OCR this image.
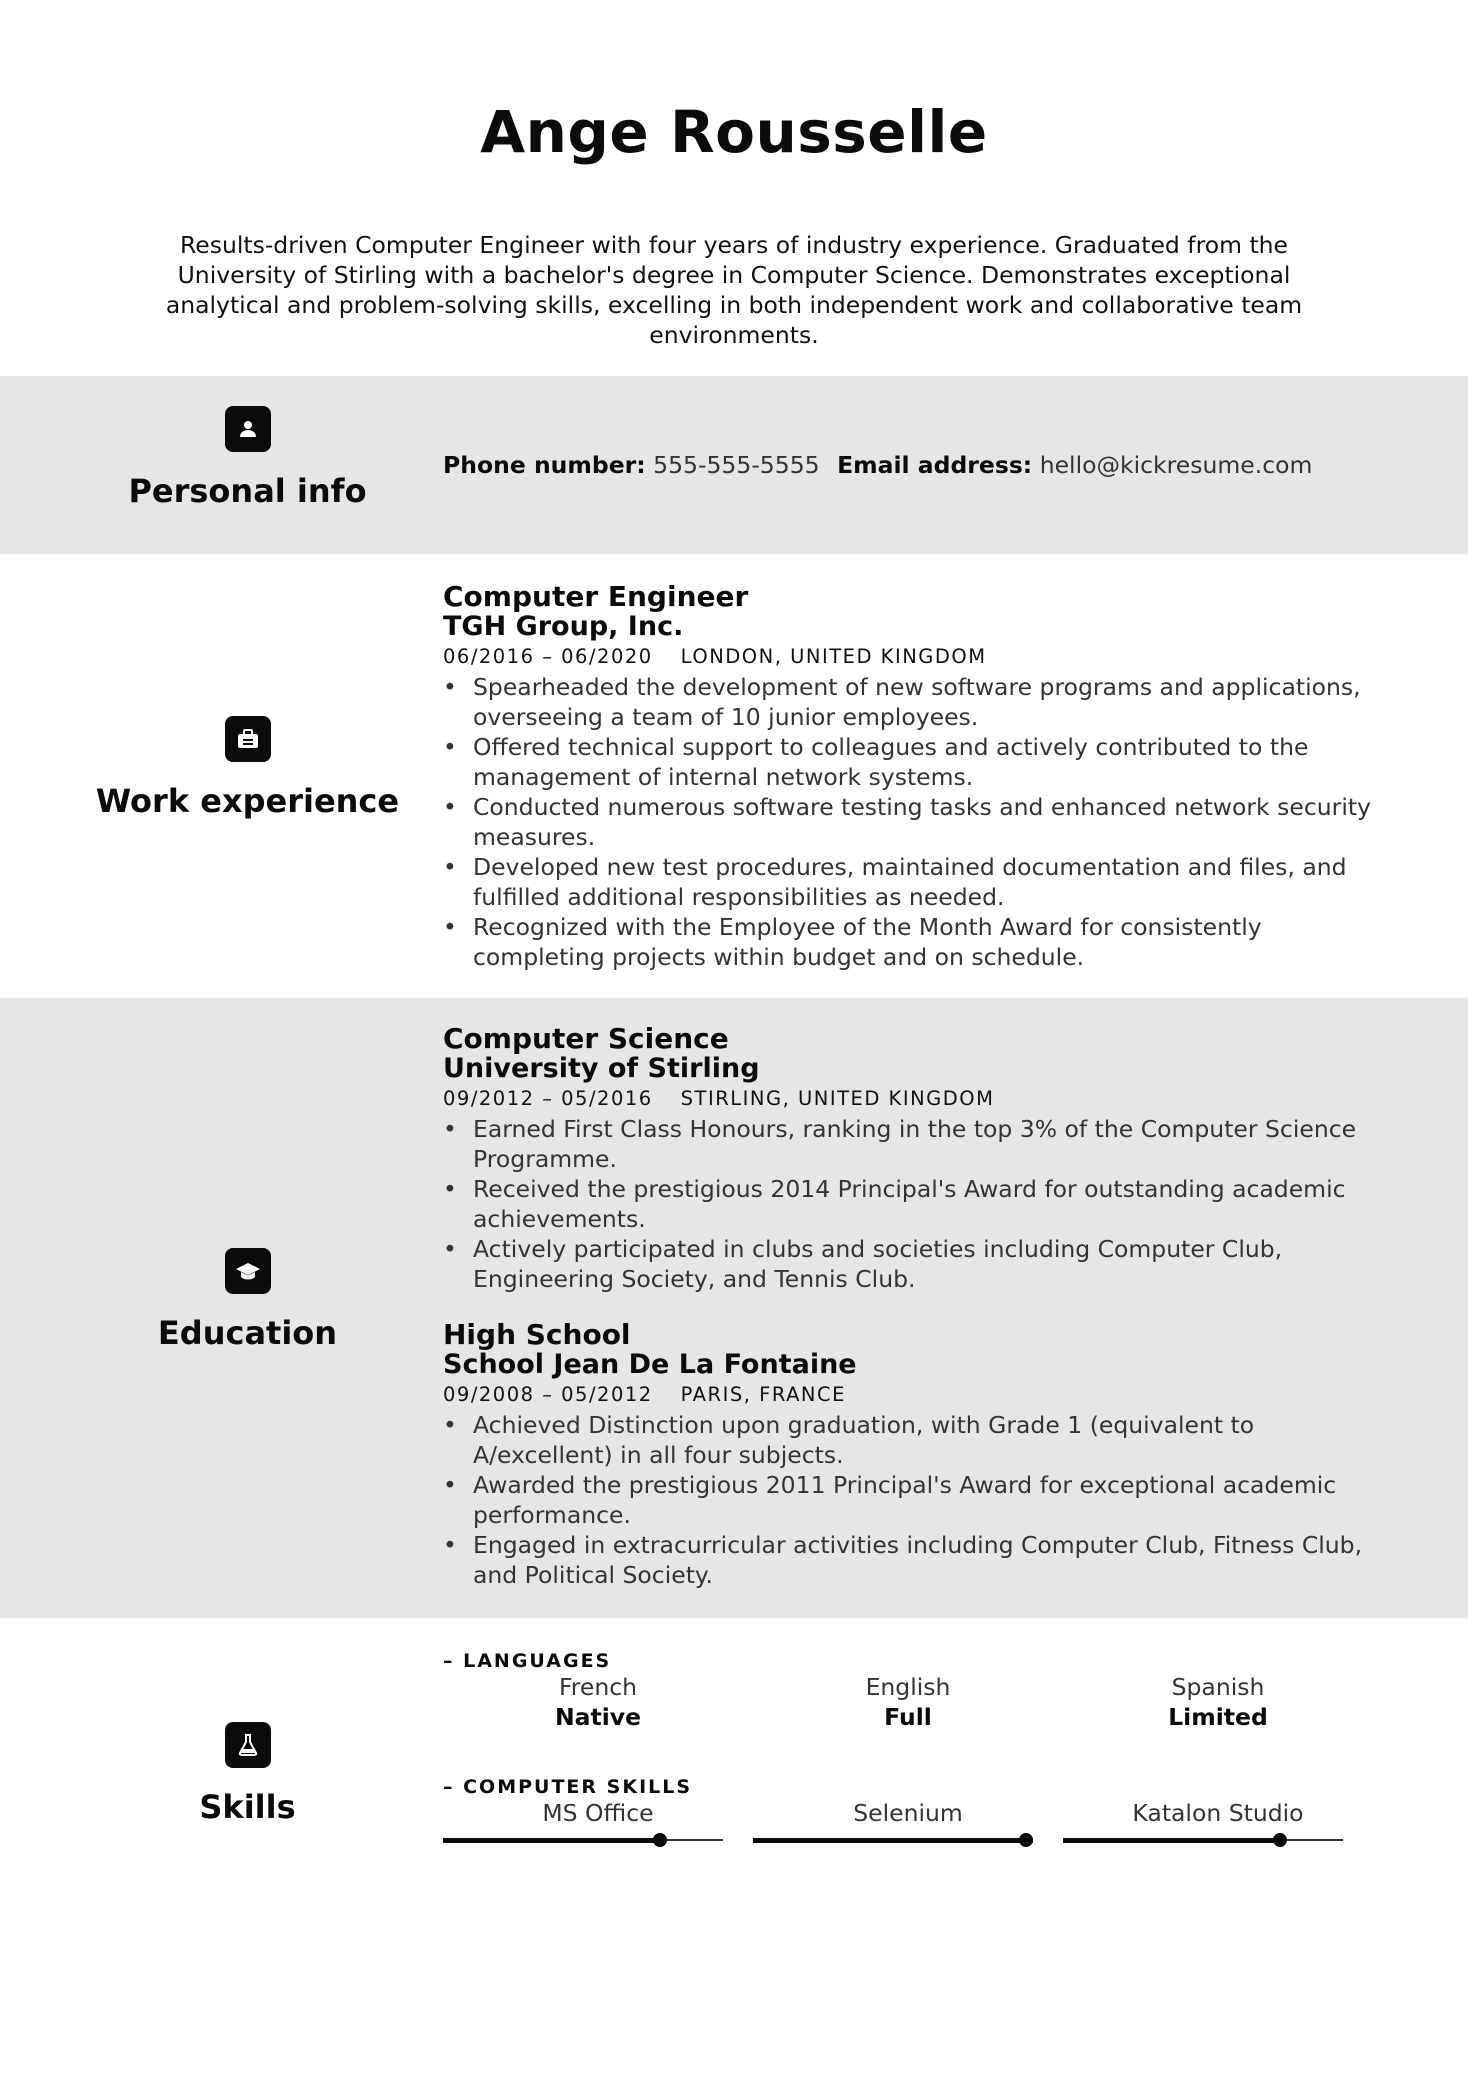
Ange Rousselle
Results-driven Computer Engineer with four years of industry experience. Graduated from the University of Stirling with a bachelor's degree in Computer Science. Demonstrates exceptional analytical and problem-solving skills, excelling in both independent work and collaborative team environments.
Personal info
Phone number: 555-555-5555 Email address: hello@kickresume.com
Work experience
Computer Engineer
TGH Group, Inc.
06/2016 – 06/2020 LONDON, UNITED KINGDOM
• Spearheaded the development of new software programs and applications, overseeing a team of 10 junior employees.
• Offered technical support to colleagues and actively contributed to the management of internal network systems.
• Conducted numerous software testing tasks and enhanced network security measures.
• Developed new test procedures, maintained documentation and files, and fulfilled additional responsibilities as needed.
• Recognized with the Employee of the Month Award for consistently completing projects within budget and on schedule.
Education
Computer Science
University of Stirling
09/2012 – 05/2016 STIRLING, UNITED KINGDOM
• Earned First Class Honours, ranking in the top 3% of the Computer Science Programme.
• Received the prestigious 2014 Principal's Award for outstanding academic achievements.
• Actively participated in clubs and societies including Computer Club, Engineering Society, and Tennis Club.
High School
School Jean De La Fontaine
09/2008 – 05/2012 PARIS, FRANCE
• Achieved Distinction upon graduation, with Grade 1 (equivalent to A/excellent) in all four subjects.
• Awarded the prestigious 2011 Principal's Award for exceptional academic performance.
• Engaged in extracurricular activities including Computer Club, Fitness Club, and Political Society.
Skills
– LANGUAGES
French
Native
English
Full
Spanish
Limited
– COMPUTER SKILLS
MS Office	Selenium	Katalon Studio
